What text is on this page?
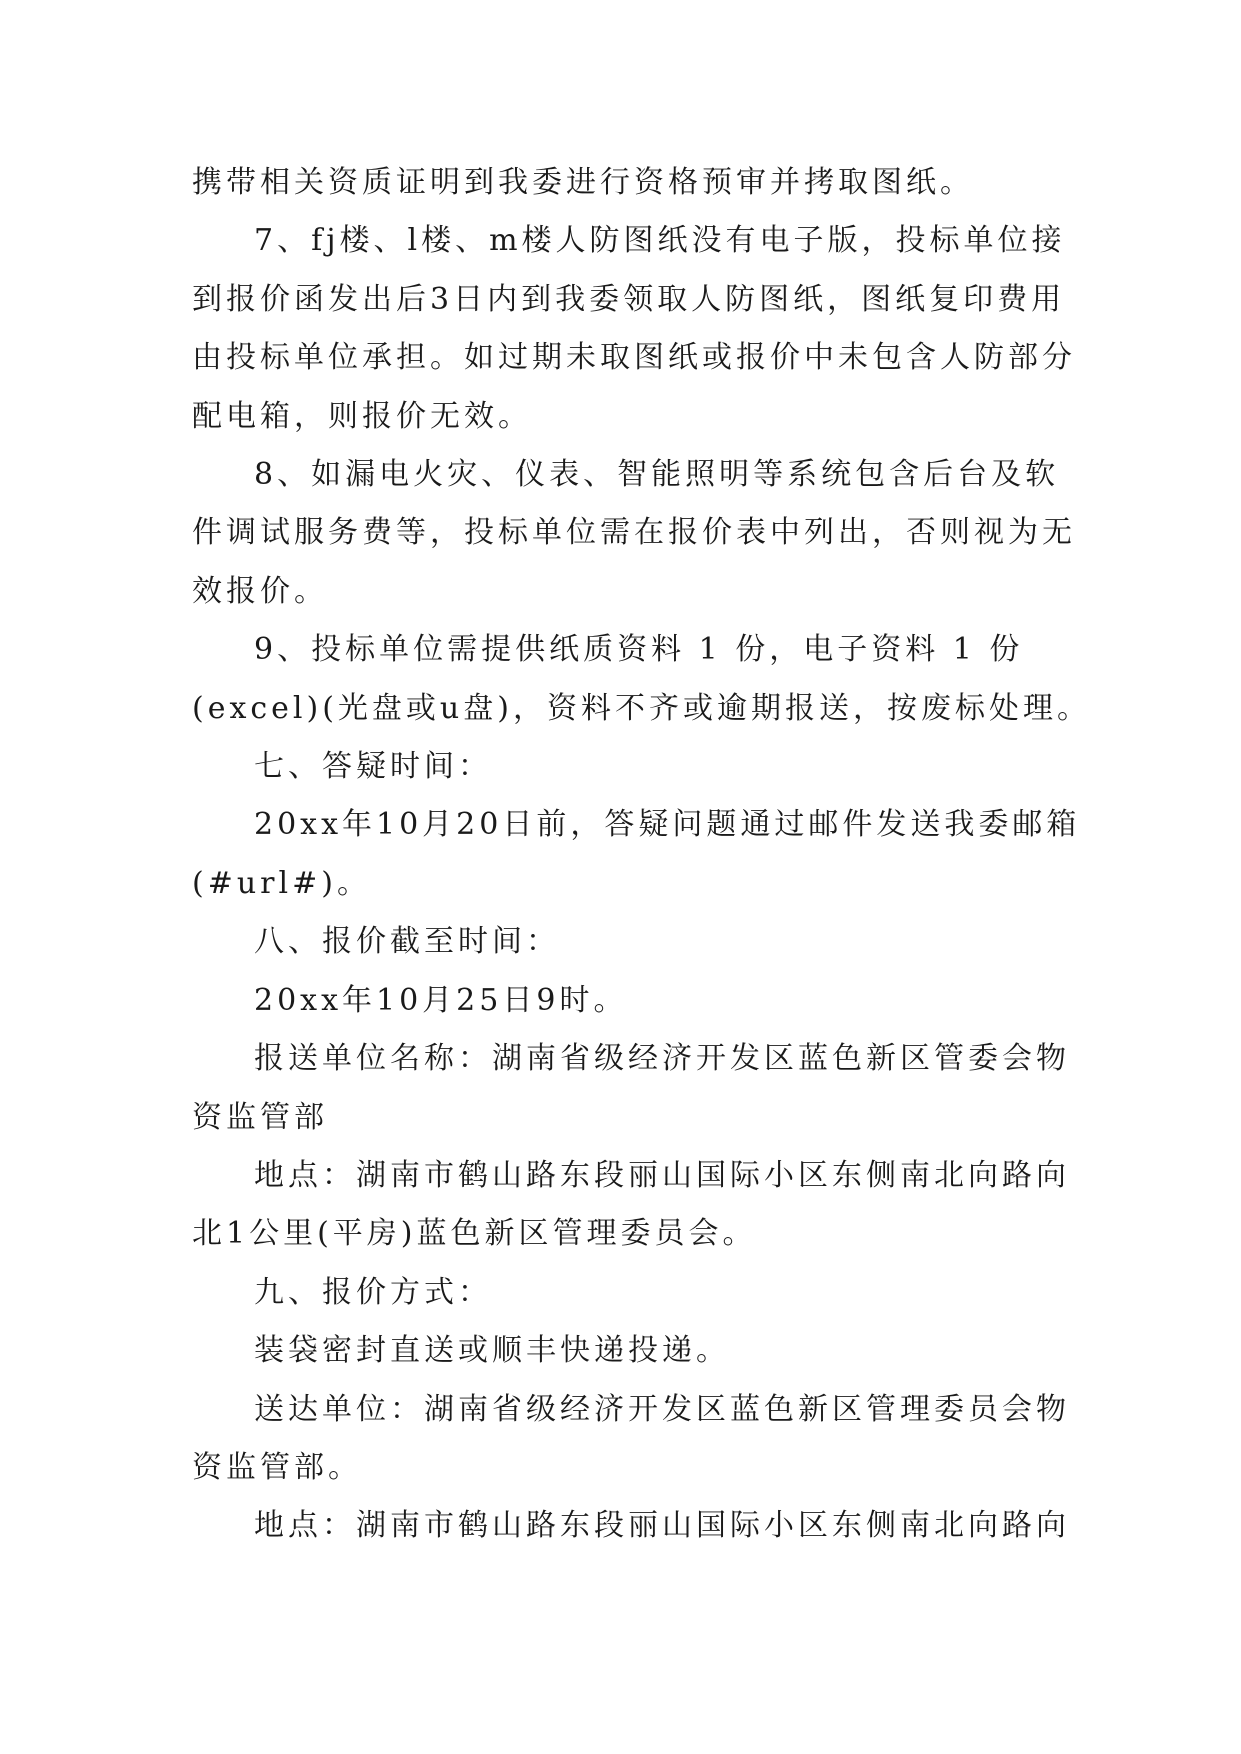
携带相关资质证明到我委进行资格预审并拷取图纸。
7、fj楼、l楼、m楼人防图纸没有电子版，投标单位接
到报价函发出后3日内到我委领取人防图纸，图纸复印费用
由投标单位承担。如过期未取图纸或报价中未包含人防部分
配电箱，则报价无效。
8、如漏电火灾、仪表、智能照明等系统包含后台及软
件调试服务费等，投标单位需在报价表中列出，否则视为无
效报价。
9、投标单位需提供纸质资料 1 份，电子资料 1 份
(excel)(光盘或u盘)，资料不齐或逾期报送，按废标处理。
七、答疑时间：
20xx年10月20日前，答疑问题通过邮件发送我委邮箱
(#url#)。
八、报价截至时间：
20xx年10月25日9时。
报送单位名称：湖南省级经济开发区蓝色新区管委会物
资监管部
地点：湖南市鹤山路东段丽山国际小区东侧南北向路向
北1公里(平房)蓝色新区管理委员会。
九、报价方式：
装袋密封直送或顺丰快递投递。
送达单位：湖南省级经济开发区蓝色新区管理委员会物
资监管部。
地点：湖南市鹤山路东段丽山国际小区东侧南北向路向
